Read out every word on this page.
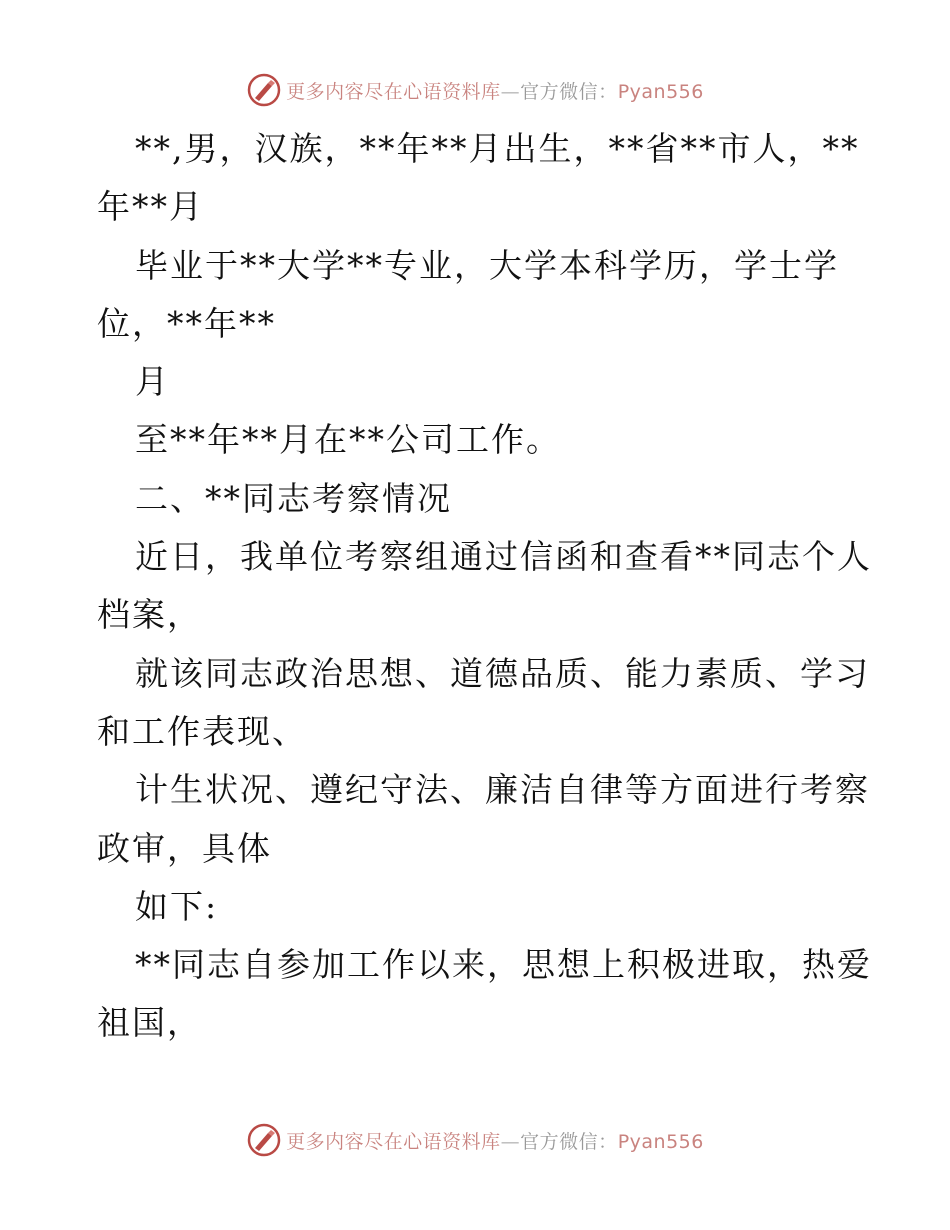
更多内容尽在心语资料库—官方微信：Pyan556
**,男，汉族，**年**月出生，**省**市人，**
年**月
毕业于**大学**专业，大学本科学历，学士学
位，**年**
月
至**年**月在**公司工作。
二、**同志考察情况
近日，我单位考察组通过信函和查看**同志个人
档案，
就该同志政治思想、道德品质、能力素质、学习
和工作表现、
计生状况、遵纪守法、廉洁自律等方面进行考察
政审，具体
如下:
**同志自参加工作以来，思想上积极进取，热爱
祖国，
更多内容尽在心语资料库—官方微信：Pyan556
